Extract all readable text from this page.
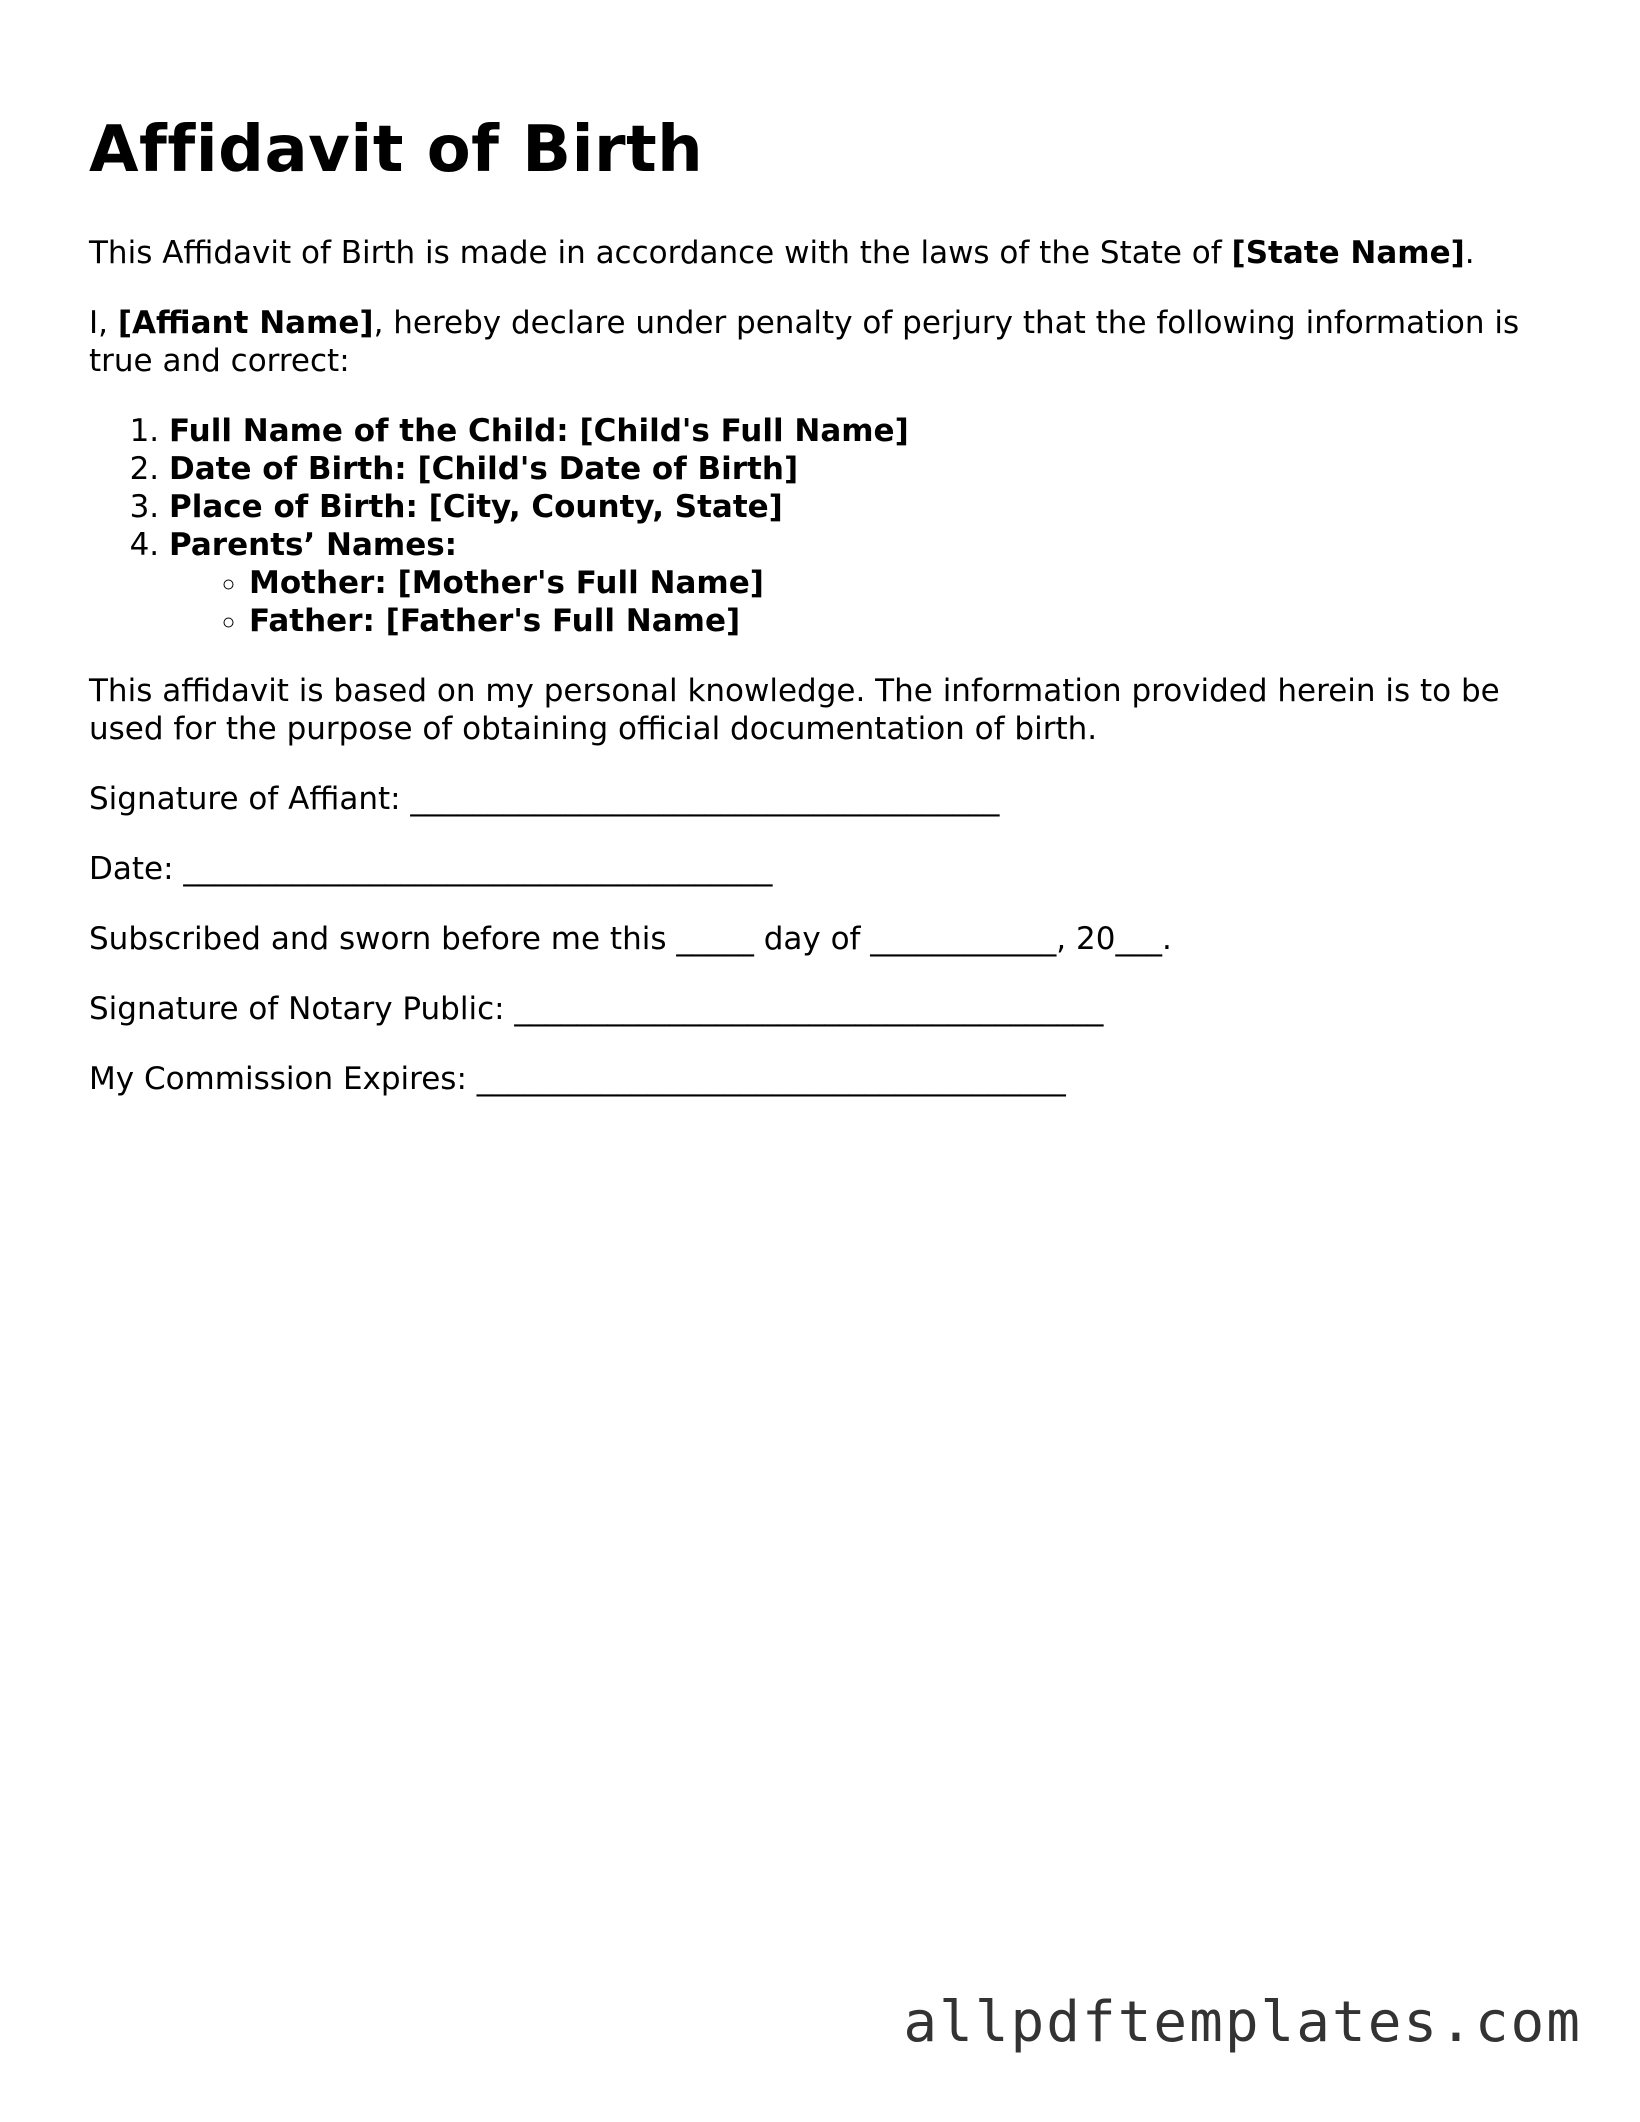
Affidavit of Birth

This Affidavit of Birth is made in accordance with the laws of the State of [State Name].

I, [Affiant Name], hereby declare under penalty of perjury that the following information is true and correct:

1. Full Name of the Child: [Child's Full Name]
2. Date of Birth: [Child's Date of Birth]
3. Place of Birth: [City, County, State]
4. Parents’ Names:
◦ Mother: [Mother's Full Name]
◦ Father: [Father's Full Name]

This affidavit is based on my personal knowledge. The information provided herein is to be used for the purpose of obtaining official documentation of birth.

Signature of Affiant: ______________________________________

Date: ______________________________________

Subscribed and sworn before me this _____ day of ____________, 20___.

Signature of Notary Public: ______________________________________

My Commission Expires: ______________________________________

allpdftemplates.com
